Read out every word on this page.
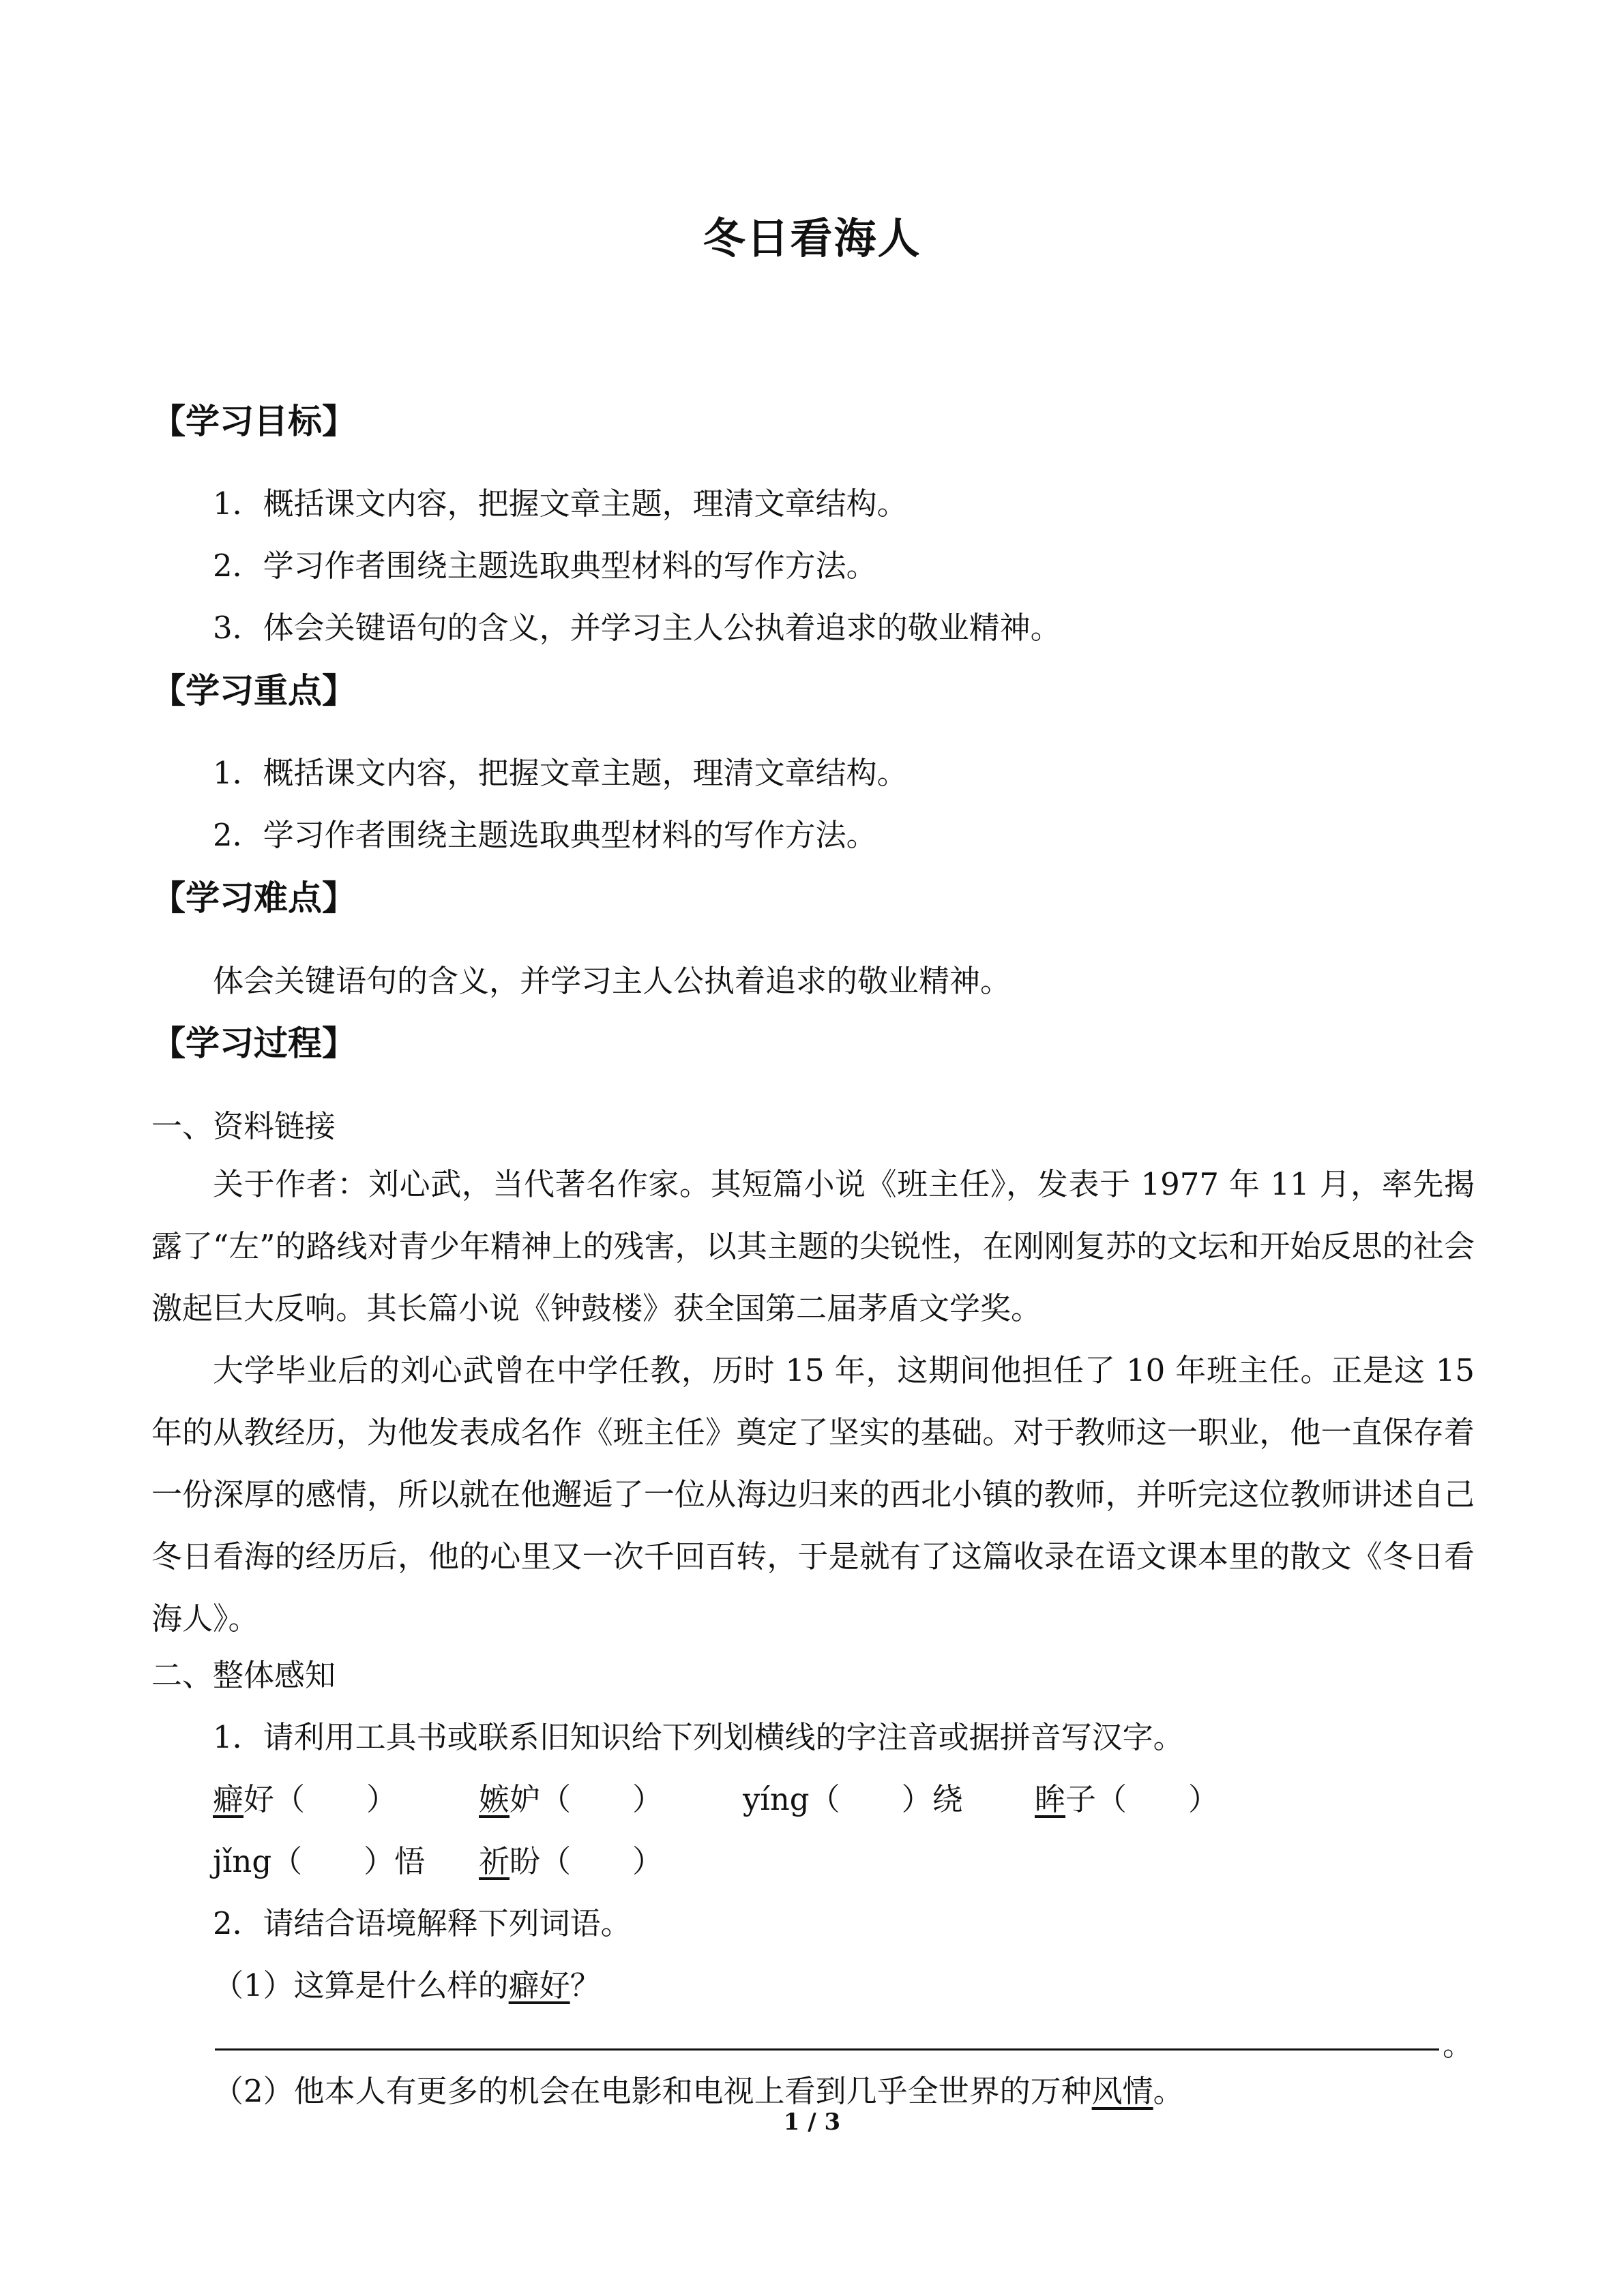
冬日看海人
【学习目标】
1．概括课文内容，把握文章主题，理清文章结构。
2．学习作者围绕主题选取典型材料的写作方法。
3．体会关键语句的含义，并学习主人公执着追求的敬业精神。
【学习重点】
1．概括课文内容，把握文章主题，理清文章结构。
2．学习作者围绕主题选取典型材料的写作方法。
【学习难点】
体会关键语句的含义，并学习主人公执着追求的敬业精神。
【学习过程】
一、资料链接
关于作者：刘心武，当代著名作家。其短篇小说《班主任》，发表于 1977 年 11 月，率先揭露了“左”的路线对青少年精神上的残害，以其主题的尖锐性，在刚刚复苏的文坛和开始反思的社会激起巨大反响。其长篇小说《钟鼓楼》获全国第二届茅盾文学奖。
大学毕业后的刘心武曾在中学任教，历时 15 年，这期间他担任了 10 年班主任。正是这 15 年的从教经历，为他发表成名作《班主任》奠定了坚实的基础。对于教师这一职业，他一直保存着一份深厚的感情，所以就在他邂逅了一位从海边归来的西北小镇的教师，并听完这位教师讲述自己冬日看海的经历后，他的心里又一次千回百转，于是就有了这篇收录在语文课本里的散文《冬日看海人》。
二、整体感知
1．请利用工具书或联系旧知识给下列划横线的字注音或据拼音写汉字。
癖好（　　）	嫉妒（　　）	yíng（　　）绕 眸子（　　）
jǐng（　　）悟 祈盼（　　）
2．请结合语境解释下列词语。
（1）这算是什么样的癖好？
。
（2）他本人有更多的机会在电影和电视上看到几乎全世界的万种风情。
1 / 3
